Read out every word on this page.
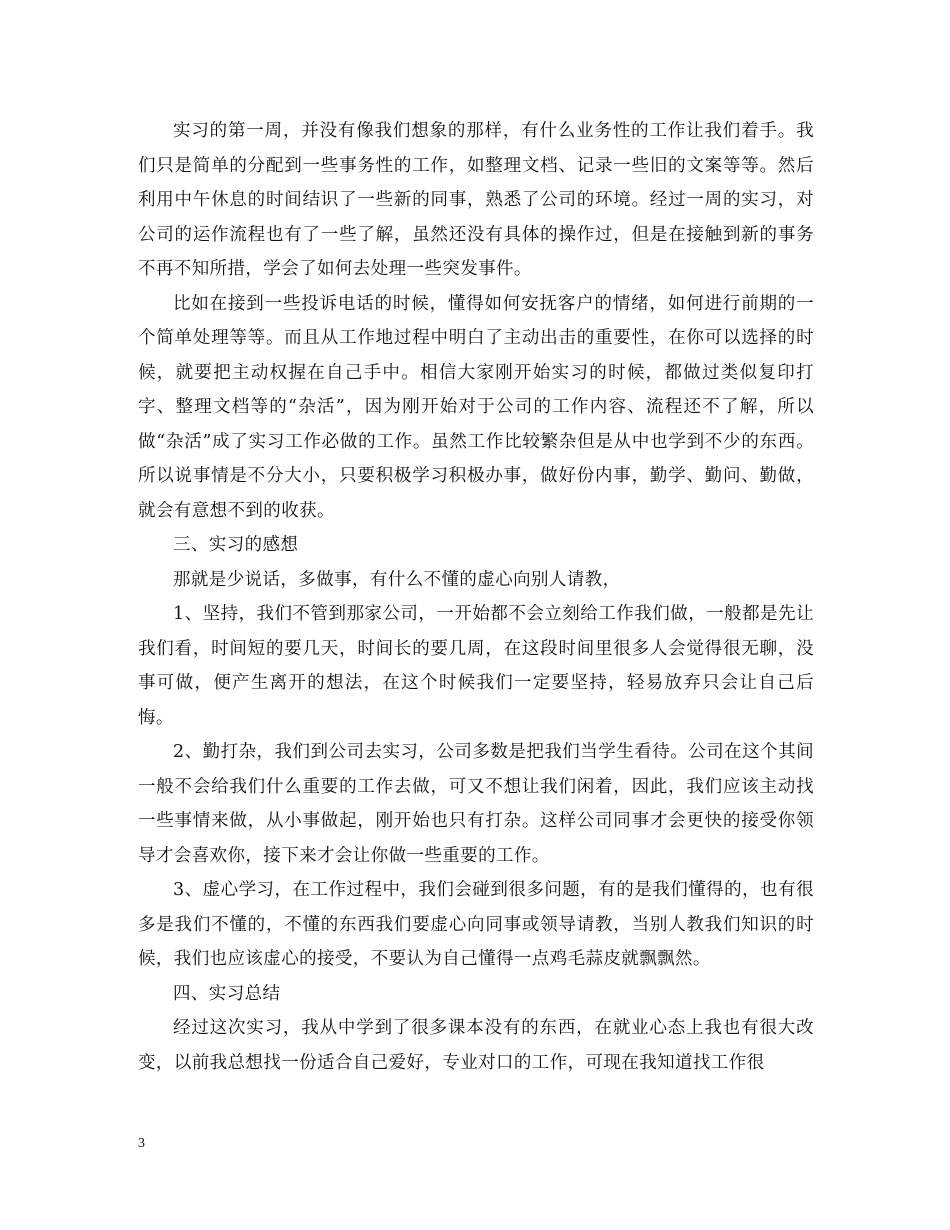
实习的第一周，并没有像我们想象的那样，有什么业务性的工作让我们着手。我们只是简单的分配到一些事务性的工作，如整理文档、记录一些旧的文案等等。然后利用中午休息的时间结识了一些新的同事，熟悉了公司的环境。经过一周的实习，对公司的运作流程也有了一些了解，虽然还没有具体的操作过，但是在接触到新的事务不再不知所措，学会了如何去处理一些突发事件。

比如在接到一些投诉电话的时候，懂得如何安抚客户的情绪，如何进行前期的一个简单处理等等。而且从工作地过程中明白了主动出击的重要性，在你可以选择的时候，就要把主动权握在自己手中。相信大家刚开始实习的时候，都做过类似复印打字、整理文档等的“杂活”，因为刚开始对于公司的工作内容、流程还不了解，所以做“杂活”成了实习工作必做的工作。虽然工作比较繁杂但是从中也学到不少的东西。所以说事情是不分大小，只要积极学习积极办事，做好份内事，勤学、勤问、勤做，就会有意想不到的收获。

三、实习的感想

那就是少说话，多做事，有什么不懂的虚心向别人请教，

1、坚持，我们不管到那家公司，一开始都不会立刻给工作我们做，一般都是先让我们看，时间短的要几天，时间长的要几周，在这段时间里很多人会觉得很无聊，没事可做，便产生离开的想法，在这个时候我们一定要坚持，轻易放弃只会让自己后悔。

2、勤打杂，我们到公司去实习，公司多数是把我们当学生看待。公司在这个其间一般不会给我们什么重要的工作去做，可又不想让我们闲着，因此，我们应该主动找一些事情来做，从小事做起，刚开始也只有打杂。这样公司同事才会更快的接受你领导才会喜欢你，接下来才会让你做一些重要的工作。

3、虚心学习，在工作过程中，我们会碰到很多问题，有的是我们懂得的，也有很多是我们不懂的，不懂的东西我们要虚心向同事或领导请教，当别人教我们知识的时候，我们也应该虚心的接受，不要认为自己懂得一点鸡毛蒜皮就飘飘然。

四、实习总结

经过这次实习，我从中学到了很多课本没有的东西，在就业心态上我也有很大改变，以前我总想找一份适合自己爱好，专业对口的工作，可现在我知道找工作很

3
